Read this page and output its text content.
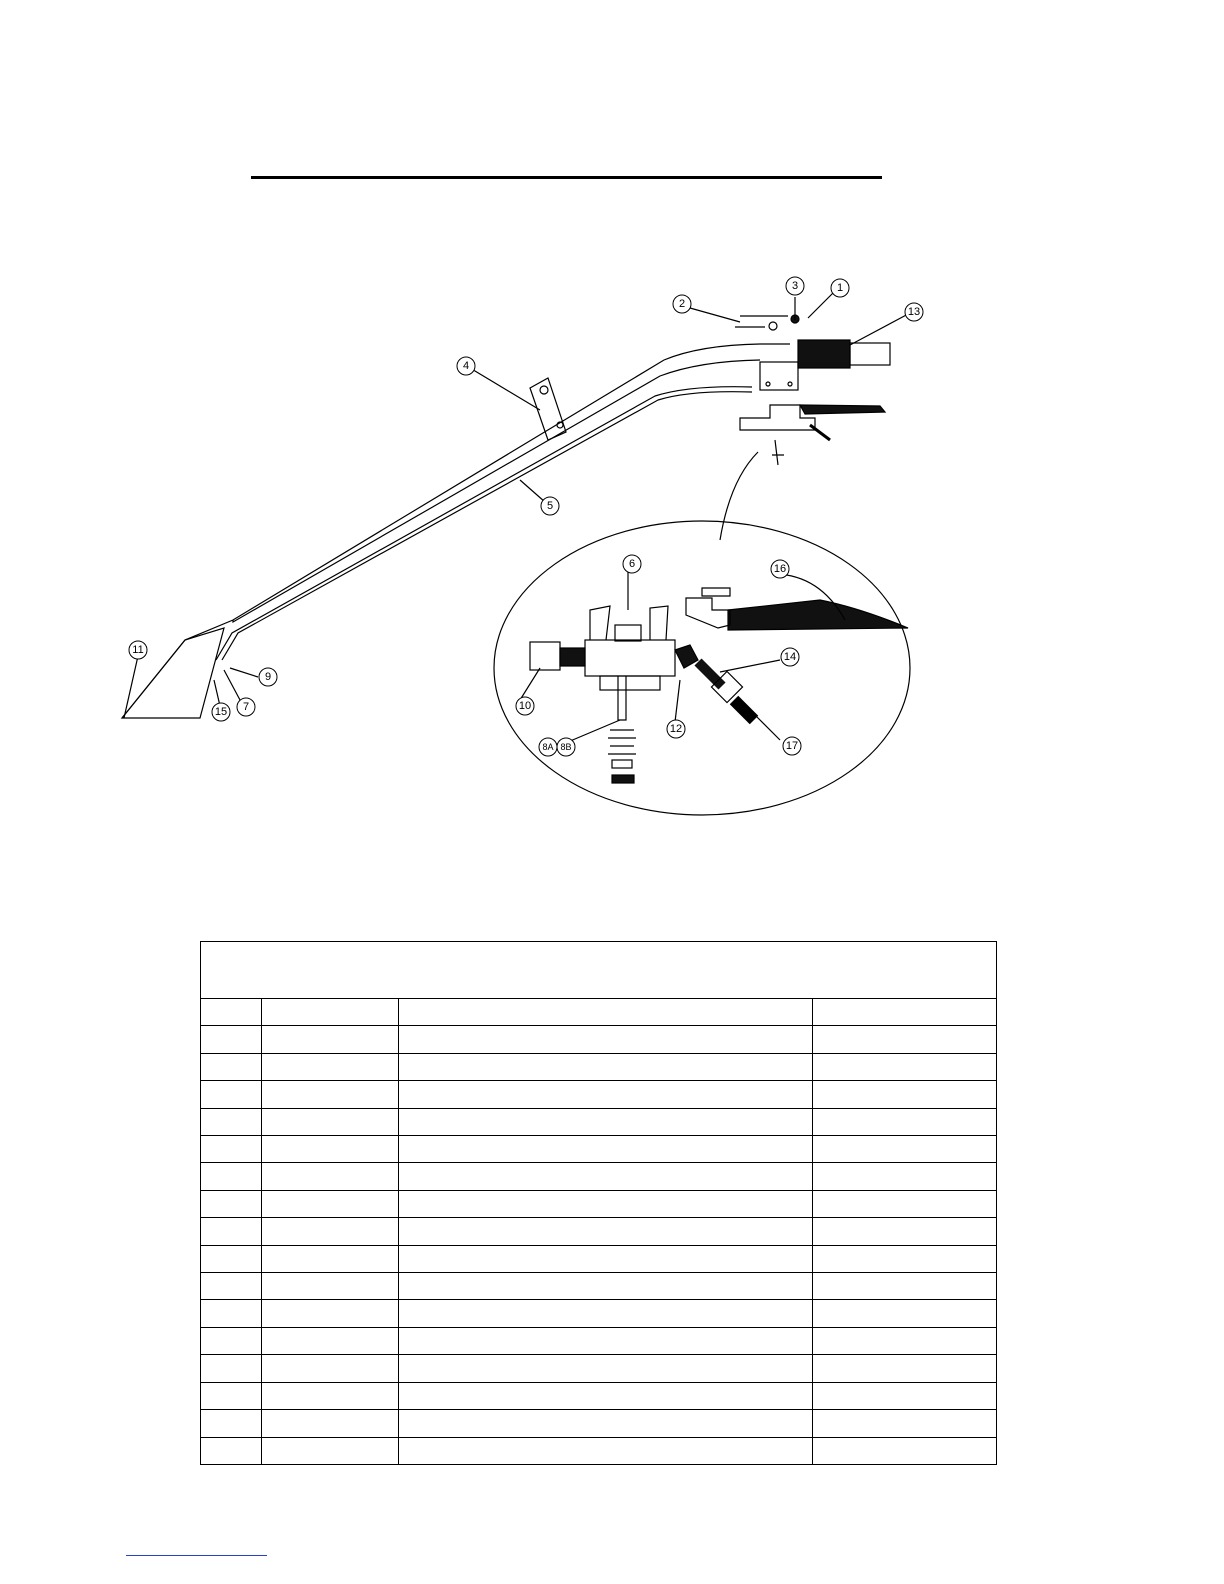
1
2
3
13
4
5
6	16
14
10
12
17
8A 8B
11
9
7
15
